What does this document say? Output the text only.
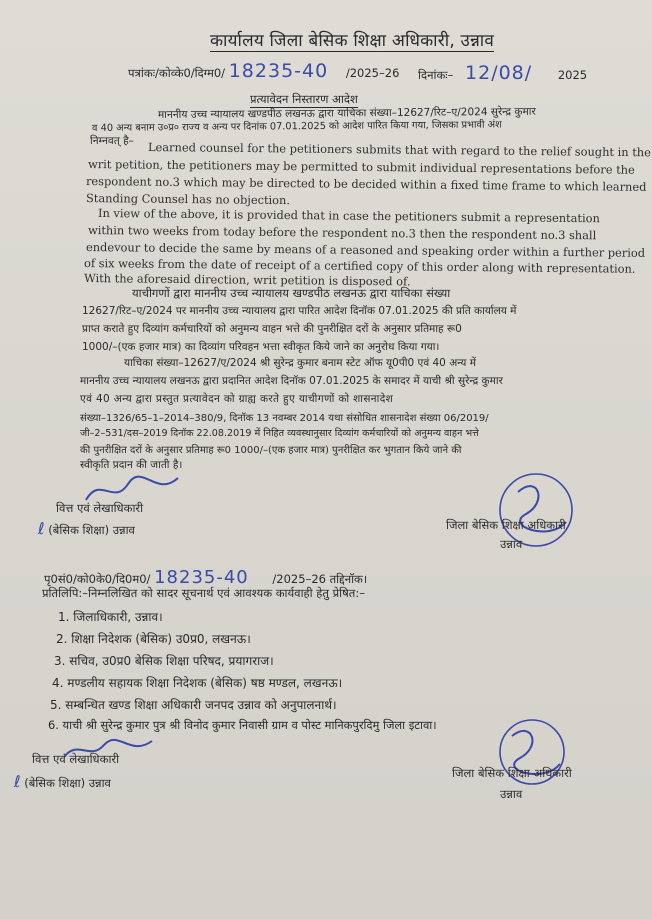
कार्यालय जिला बेसिक शिक्षा अधिकारी, उन्नाव
पत्रांकः/कोव्के0/दिग्म0/ 18235-40 /2025–26 दिनांकः– 12/08/ 2025
प्रत्यावेदन निस्तारण आदेश
माननीय उच्च न्यायालय खण्डपीठ लखनऊ द्वारा याचिका संख्या–12627/रिट–ए/2024 सुरेन्द्र कुमार
व 40 अन्य बनाम उ०प्र० राज्य व अन्य पर दिनांक 07.01.2025 को आदेश पारित किया गया, जिसका प्रभावी अंश
निम्नवत् है– Learned counsel for the petitioners submits that with regard to the relief sought in the
writ petition, the petitioners may be permitted to submit individual representations before the
respondent no.3 which may be directed to be decided within a fixed time frame to which learned
Standing Counsel has no objection.
In view of the above, it is provided that in case the petitioners submit a representation
within two weeks from today before the respondent no.3 then the respondent no.3 shall
endevour to decide the same by means of a reasoned and speaking order within a further period
of six weeks from the date of receipt of a certified copy of this order along with representation.
With the aforesaid direction, writ petition is disposed of.
याचीगणों द्वारा माननीय उच्च न्यायालय खण्डपीठ लखनऊ द्वारा याचिका संख्या
12627/रिट–ए/2024 पर माननीय उच्च न्यायालय द्वारा पारित आदेश दिनॉक 07.01.2025 की प्रति कार्यालय में
प्राप्त कराते हुए दिव्यांग कर्मचारियों को अनुमन्य वाहन भत्ते की पुनरीक्षित दरों के अनुसार प्रतिमाह रू0
1000/–(एक हजार मात्र) का दिव्यांग परिवहन भत्ता स्वीकृत किये जाने का अनुरोध किया गया।
याचिका संख्या–12627/ए/2024 श्री सुरेन्द्र कुमार बनाम स्टेट ऑफ यू0पी0 एवं 40 अन्य में
माननीय उच्च न्यायालय लखनऊ द्वारा प्रदानित आदेश दिनॉक 07.01.2025 के समादर में याची श्री सुरेन्द्र कुमार
एवं 40 अन्य द्वारा प्रस्तुत प्रत्यावेदन को ग्राह्य करते हुए याचीगणों को शासनादेश
संख्या–1326/65–1–2014–380/9, दिनॉक 13 नवम्बर 2014 यथा संसोधित शासनादेश संख्या 06/2019/
जी–2–531/दस–2019 दिनॉक 22.08.2019 में निहित व्यवस्थानुसार दिव्यांग कर्मचारियों को अनुमन्य वाहन भत्ते
की पुनरीक्षित दरों के अनुसार प्रतिमाह रू0 1000/–(एक हजार मात्र) पुनरीक्षित कर भुगतान किये जाने की
स्वीकृति प्रदान की जाती है।
वित्त एवं लेखाधिकारी
ℓ (बेसिक शिक्षा) उन्नाव	जिला बेसिक शिक्षा अधिकारी
उन्नाव
पृ0सं0/को0के0/दि0म0/ 18235-40 /2025–26 तद्दिनॉक।
प्रतिलिपि:–निम्नलिखित को सादर सूचनार्थ एवं आवश्यक कार्यवाही हेतु प्रेषित:–
1. जिलाधिकारी, उन्नाव।
2. शिक्षा निदेशक (बेसिक) उ0प्र0, लखनऊ।
3. सचिव, उ0प्र0 बेसिक शिक्षा परिषद, प्रयागराज।
4. मण्डलीय सहायक शिक्षा निदेशक (बेसिक) षष्ठ मण्डल, लखनऊ।
5. सम्बन्धित खण्ड शिक्षा अधिकारी जनपद उन्नाव को अनुपालनार्थ।
6. याची श्री सुरेन्द्र कुमार पुत्र श्री विनोद कुमार निवासी ग्राम व पोस्ट मानिकपुरदिमु जिला इटावा।
वित्त एवं लेखाधिकारी
ℓ (बेसिक शिक्षा) उन्नाव
जिला बेसिक शिक्षा अधिकारी
उन्नाव
